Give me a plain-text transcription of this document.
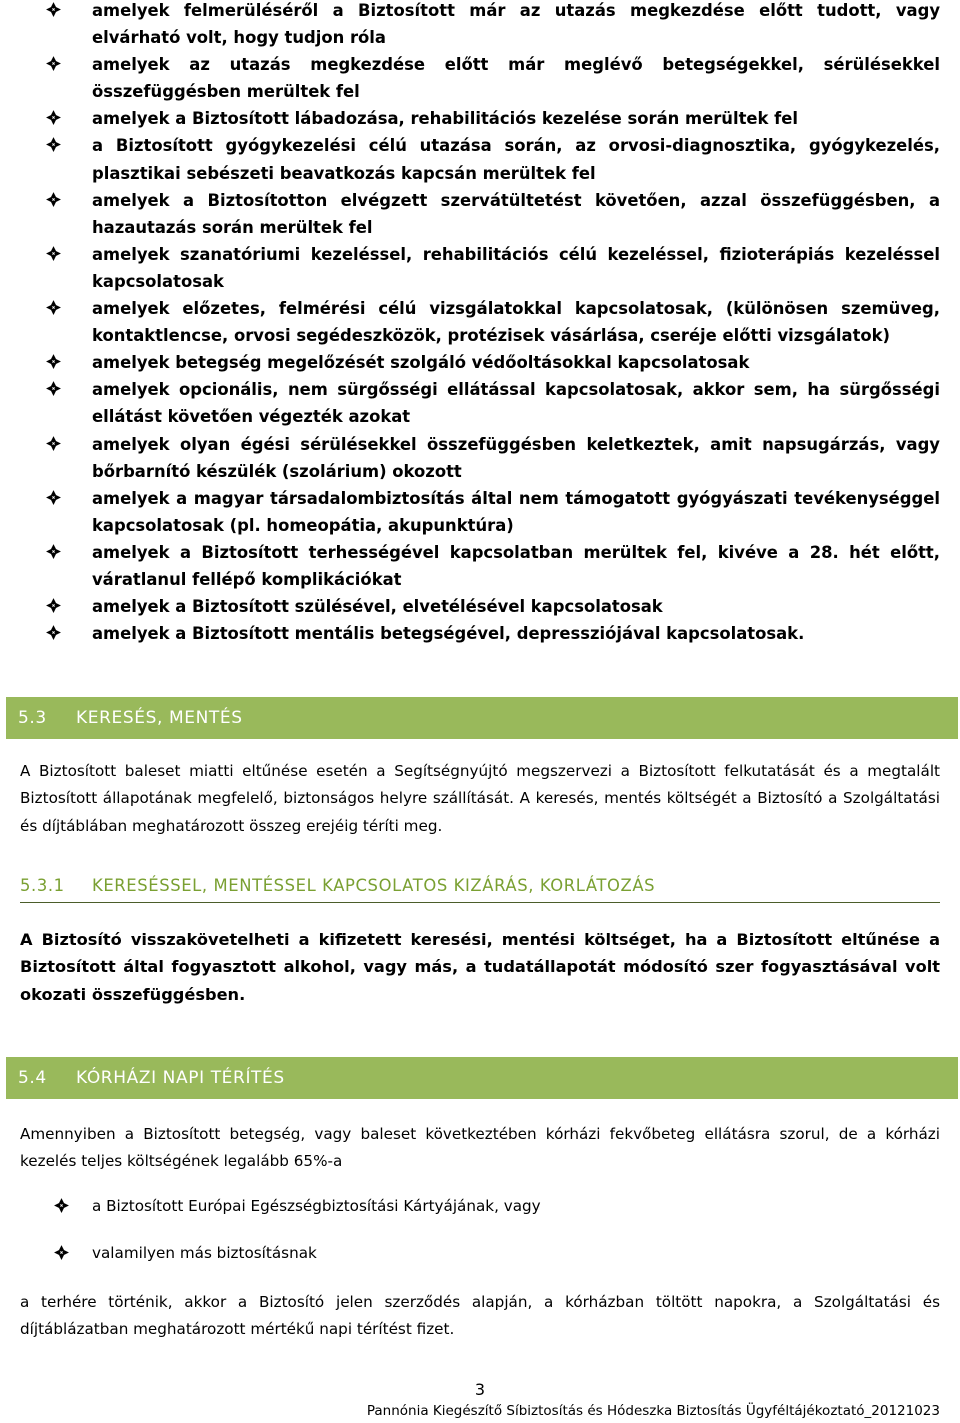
amelyek felmerüléséről a Biztosított már az utazás megkezdése előtt tudott, vagy elvárható volt, hogy tudjon róla
amelyek az utazás megkezdése előtt már meglévő betegségekkel, sérülésekkel összefüggésben merültek fel
amelyek a Biztosított lábadozása, rehabilitációs kezelése során merültek fel
a Biztosított gyógykezelési célú utazása során, az orvosi-diagnosztika, gyógykezelés, plasztikai sebészeti beavatkozás kapcsán merültek fel
amelyek a Biztosítotton elvégzett szervátültetést követően, azzal összefüggésben, a hazautazás során merültek fel
amelyek szanatóriumi kezeléssel, rehabilitációs célú kezeléssel, fizioterápiás kezeléssel kapcsolatosak
amelyek előzetes, felmérési célú vizsgálatokkal kapcsolatosak, (különösen szemüveg, kontaktlencse, orvosi segédeszközök, protézisek vásárlása, cseréje előtti vizsgálatok)
amelyek betegség megelőzését szolgáló védőoltásokkal kapcsolatosak
amelyek opcionális, nem sürgősségi ellátással kapcsolatosak, akkor sem, ha sürgősségi ellátást követően végezték azokat
amelyek olyan égési sérülésekkel összefüggésben keletkeztek, amit napsugárzás, vagy bőrbarnító készülék (szolárium) okozott
amelyek a magyar társadalombiztosítás által nem támogatott gyógyászati tevékenységgel kapcsolatosak (pl. homeopátia, akupunktúra)
amelyek a Biztosított terhességével kapcsolatban merültek fel, kivéve a 28. hét előtt, váratlanul fellépő komplikációkat
amelyek a Biztosított szülésével, elvetélésével kapcsolatosak
amelyek a Biztosított mentális betegségével, depressziójával kapcsolatosak.
5.3 KERESÉS, MENTÉS

A Biztosított baleset miatti eltűnése esetén a Segítségnyújtó megszervezi a Biztosított felkutatását és a megtalált Biztosított állapotának megfelelő, biztonságos helyre szállítását. A keresés, mentés költségét a Biztosító a Szolgáltatási és díjtáblában meghatározott összeg erejéig téríti meg.

5.3.1 KERESÉSSEL, MENTÉSSEL KAPCSOLATOS KIZÁRÁS, KORLÁTOZÁS

A Biztosító visszakövetelheti a kifizetett keresési, mentési költséget, ha a Biztosított eltűnése a Biztosított által fogyasztott alkohol, vagy más, a tudatállapotát módosító szer fogyasztásával volt okozati összefüggésben.

5.4 KÓRHÁZI NAPI TÉRÍTÉS

Amennyiben a Biztosított betegség, vagy baleset következtében kórházi fekvőbeteg ellátásra szorul, de a kórházi kezelés teljes költségének legalább 65%-a

a Biztosított Európai Egészségbiztosítási Kártyájának, vagy
valamilyen más biztosításnak

a terhére történik, akkor a Biztosító jelen szerződés alapján, a kórházban töltött napokra, a Szolgáltatási és díjtáblázatban meghatározott mértékű napi térítést fizet.

3
Pannónia Kiegészítő Síbiztosítás és Hódeszka Biztosítás Ügyféltájékoztató_20121023
